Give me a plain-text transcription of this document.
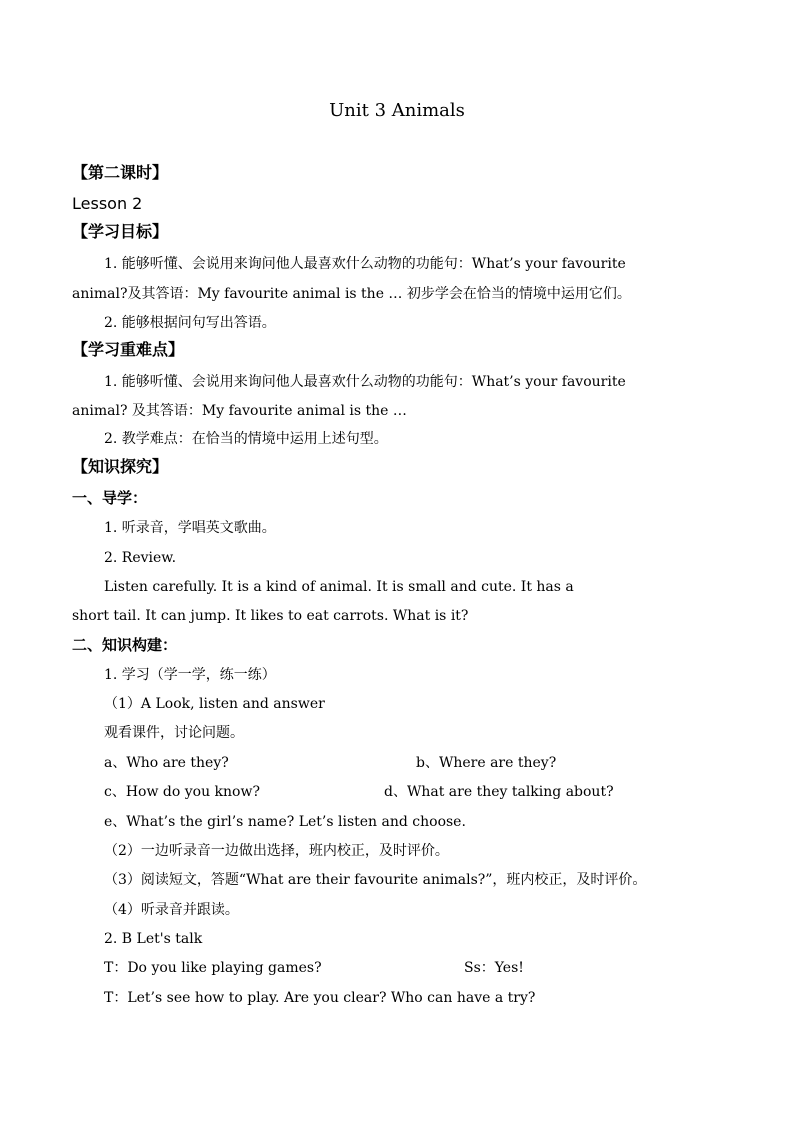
Unit 3 Animals
【第二课时】
Lesson 2
【学习目标】
1. 能够听懂、会说用来询问他人最喜欢什么动物的功能句：What’s your favourite
animal?及其答语：My favourite animal is the … 初步学会在恰当的情境中运用它们。
2. 能够根据问句写出答语。
【学习重难点】
1. 能够听懂、会说用来询问他人最喜欢什么动物的功能句：What’s your favourite
animal? 及其答语：My favourite animal is the …
2. 教学难点：在恰当的情境中运用上述句型。
【知识探究】
一、导学：
1. 听录音，学唱英文歌曲。
2. Review.
Listen carefully. It is a kind of animal. It is small and cute. It has a
short tail. It can jump. It likes to eat carrots. What is it?
二、知识构建：
1. 学习（学一学，练一练）
（1）A Look, listen and answer
观看课件，讨论问题。
a、Who are they?	b、Where are they?
c、How do you know?	d、What are they talking about?
e、What’s the girl’s name? Let’s listen and choose.
（2）一边听录音一边做出选择，班内校正，及时评价。
（3）阅读短文，答题“What are their favourite animals?”，班内校正，及时评价。
（4）听录音并跟读。
2. B Let's talk
T：Do you like playing games?	Ss：Yes!
T：Let’s see how to play. Are you clear? Who can have a try?
